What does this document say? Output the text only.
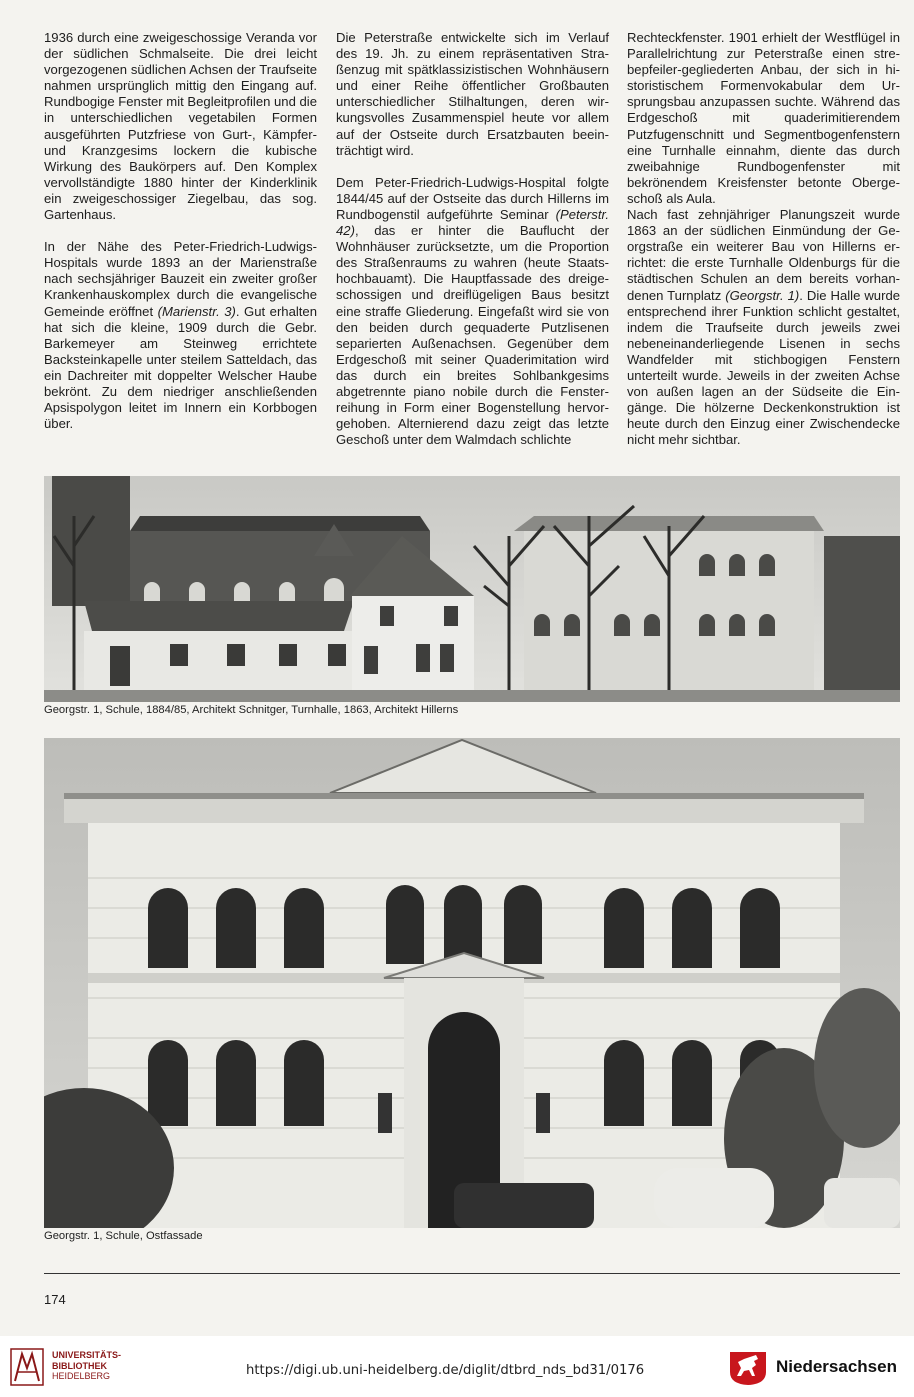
1936 durch eine zweigeschossige Veranda vor der südlichen Schmalseite. Die drei leicht vorgezogenen südlichen Achsen der Traufseite nahmen ursprünglich mittig den Eingang auf. Rundbogige Fenster mit Begleitprofilen und die in unterschiedlichen vegetabilen Formen ausgeführten Putzfriese von Gurt-, Kämpfer- und Kranzgesims lockern die kubische Wirkung des Baukörpers auf. Den Komplex vervollständigte 1880 hinter der Kinderklinik ein zweigeschossiger Ziegelbau, das sog. Gartenhaus.

In der Nähe des Peter-Friedrich-Ludwigs-Hospitals wurde 1893 an der Marienstraße nach sechsjähriger Bauzeit ein zweiter großer Krankenhauskomplex durch die evangelische Gemeinde eröffnet (Marienstr. 3). Gut erhalten hat sich die kleine, 1909 durch die Gebr. Barkemeyer am Steinweg errichtete Backsteinkapelle unter steilem Satteldach, das ein Dachreiter mit doppelter Welscher Haube bekrönt. Zu dem niedriger anschließenden Apsispolygon leitet im Innern ein Korbbogen über.

Die Peterstraße entwickelte sich im Verlauf des 19. Jh. zu einem repräsentativen Straßenzug mit spätklassizistischen Wohnhäusern und einer Reihe öffentlicher Großbauten unterschiedlicher Stilhaltungen, deren wirkungsvolles Zusammenspiel heute vor allem auf der Ostseite durch Ersatzbauten beeinträchtigt wird.

Dem Peter-Friedrich-Ludwigs-Hospital folgte 1844/45 auf der Ostseite das durch Hillerns im Rundbogenstil aufgeführte Seminar (Peterstr. 42), das er hinter die Bauflucht der Wohnhäuser zurücksetzte, um die Proportion des Straßenraums zu wahren (heute Staatshochbauamt). Die Hauptfassade des dreigeschossigen und dreiflügeligen Baus besitzt eine straffe Gliederung. Eingefaßt wird sie von den beiden durch gequaderte Putzlisenen separierten Außenachsen. Gegenüber dem Erdgeschoß mit seiner Quaderimitation wird das durch ein breites Sohlbankgesims abgetrennte piano nobile durch die Fensterreihung in Form einer Bogenstellung hervorgehoben. Alternierend dazu zeigt das letzte Geschoß unter dem Walmdach schlichte

Rechteckfenster. 1901 erhielt der Westflügel in Parallelrichtung zur Peterstraße einen strebepfeiler-gegliederten Anbau, der sich in historistischem Formenvokabular dem Ursprungsbau anzupassen suchte. Während das Erdgeschoß mit quaderimitierendem Putzfugenschnitt und Segmentbogenfenstern eine Turnhalle einnahm, diente das durch zweibahnige Rundbogenfenster mit bekrönendem Kreisfenster betonte Obergeschoß als Aula.

Nach fast zehnjähriger Planungszeit wurde 1863 an der südlichen Einmündung der Georgstraße ein weiterer Bau von Hillerns errichtet: die erste Turnhalle Oldenburgs für die städtischen Schulen an dem bereits vorhandenen Turnplatz (Georgstr. 1). Die Halle wurde entsprechend ihrer Funktion schlicht gestaltet, indem die Traufseite durch jeweils zwei nebeneinanderliegende Lisenen in sechs Wandfelder mit stichbogigen Fenstern unterteilt wurde. Jeweils in der zweiten Achse von außen lagen an der Südseite die Eingänge. Die hölzerne Deckenkonstruktion ist heute durch den Einzug einer Zwischendecke nicht mehr sichtbar.

Georgstr. 1, Schule, 1884/85, Architekt Schnitger, Turnhalle, 1863, Architekt Hillerns
Georgstr. 1, Schule, Ostfassade
174
UNIVERSITÄTS-
BIBLIOTHEK
HEIDELBERG	https://digi.ub.uni-heidelberg.de/diglit/dtbrd_nds_bd31/0176	Niedersachsen
